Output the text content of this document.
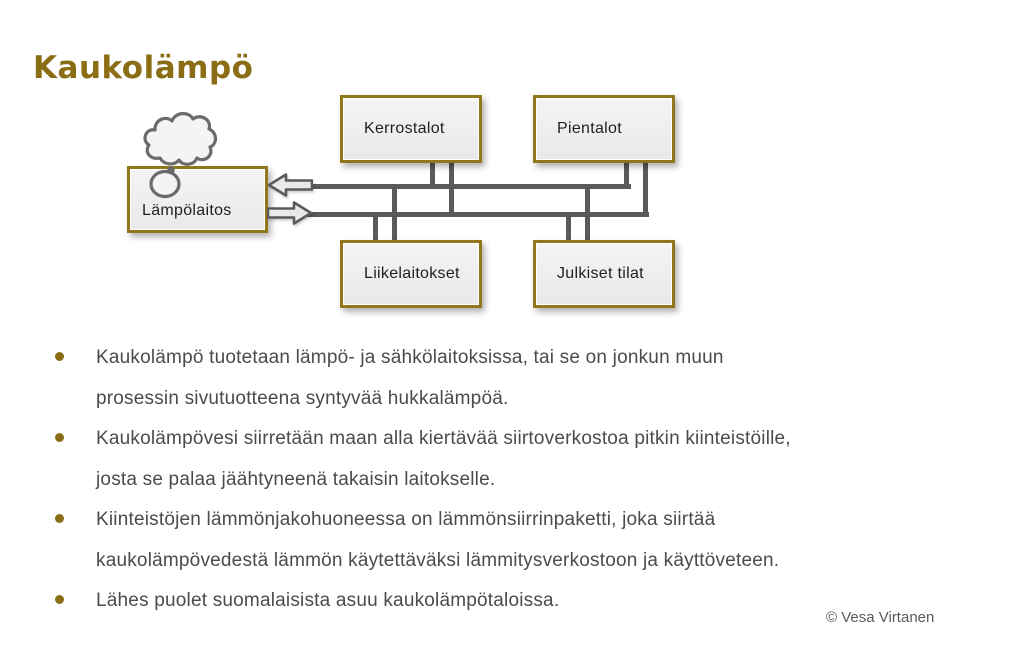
Kaukolämpö
Lämpölaitos
Kerrostalot	Pientalot
Liikelaitokset	Julkiset tilat
Kaukolämpö tuotetaan lämpö- ja sähkölaitoksissa, tai se on jonkun muun
prosessin sivutuotteena syntyvää hukkalämpöä.
Kaukolämpövesi siirretään maan alla kiertävää siirtoverkostoa pitkin kiinteistöille,
josta se palaa jäähtyneenä takaisin laitokselle.
Kiinteistöjen lämmönjakohuoneessa on lämmönsiirrinpaketti, joka siirtää
kaukolämpövedestä lämmön käytettäväksi lämmitysverkostoon ja käyttöveteen.
Lähes puolet suomalaisista asuu kaukolämpötaloissa.
© Vesa Virtanen
